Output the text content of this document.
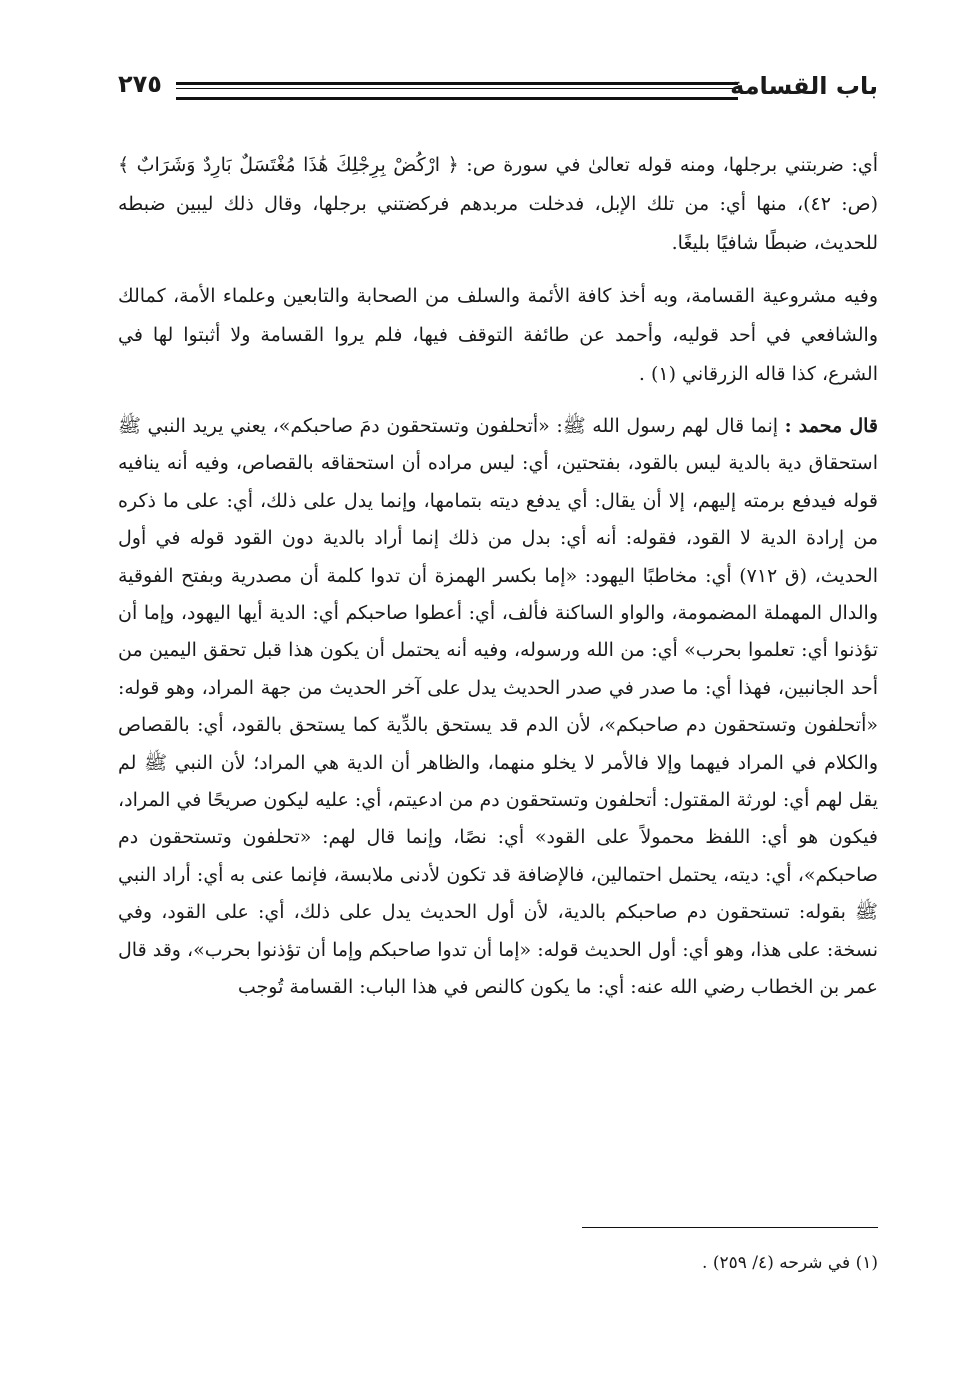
٢٧٥	باب القسامة

أي: ضربتني برجلها، ومنه قوله تعالىٰ في سورة ص: ﴿ ارْكُضْ بِرِجْلِكَ هَٰذَا مُغْتَسَلٌ بَارِدٌ وَشَرَابٌ ﴾ (ص: ٤٢)، منها أي: من تلك الإبل، فدخلت مربدهم فركضتني برجلها، وقال ذلك ليبين ضبطه للحديث، ضبطًا شافيًا بليغًا.

وفيه مشروعية القسامة، وبه أخذ كافة الأئمة والسلف من الصحابة والتابعين وعلماء الأمة، كمالك والشافعي في أحد قوليه، وأحمد عن طائفة التوقف فيها، فلم يروا القسامة ولا أثبتوا لها في الشرع، كذا قاله الزرقاني (١) .

قال محمد : إنما قال لهم رسول الله ﷺ: «أتحلفون وتستحقون دمَ صاحبكم»، يعني يريد النبي ﷺ استحقاق دية بالدية ليس بالقود، بفتحتين، أي: ليس مراده أن استحقاقه بالقصاص، وفيه أنه ينافيه قوله فيدفع برمته إليهم، إلا أن يقال: أي يدفع ديته بتمامها، وإنما يدل على ذلك، أي: على ما ذكره من إرادة الدية لا القود، فقوله: أنه أي: بدل من ذلك إنما أراد بالدية دون القود قوله في أول الحديث، (ق ٧١٢) أي: مخاطبًا اليهود: «إما بكسر الهمزة أن تدوا كلمة أن مصدرية وبفتح الفوقية والدال المهملة المضمومة، والواو الساكنة فألف، أي: أعطوا صاحبكم أي: الدية أيها اليهود، وإما أن تؤذنوا أي: تعلموا بحرب» أي: من الله ورسوله، وفيه أنه يحتمل أن يكون هذا قبل تحقق اليمين من أحد الجانبين، فهذا أي: ما صدر في صدر الحديث يدل على آخر الحديث من جهة المراد، وهو قوله: «أتحلفون وتستحقون دم صاحبكم»، لأن الدم قد يستحق بالدِّية كما يستحق بالقود، أي: بالقصاص والكلام في المراد فيهما وإلا فالأمر لا يخلو منهما، والظاهر أن الدية هي المراد؛ لأن النبي ﷺ لم يقل لهم أي: لورثة المقتول: أتحلفون وتستحقون دم من ادعيتم، أي: عليه ليكون صريحًا في المراد، فيكون هو أي: اللفظ محمولاً على القود» أي: نصًا، وإنما قال لهم: «تحلفون وتستحقون دم صاحبكم»، أي: ديته، يحتمل احتمالين، فالإضافة قد تكون لأدنى ملابسة، فإنما عنى به أي: أراد النبي ﷺ بقوله: تستحقون دم صاحبكم بالدية، لأن أول الحديث يدل على ذلك، أي: على القود، وفي نسخة: على هذا، وهو أي: أول الحديث قوله: «إما أن تدوا صاحبكم وإما أن تؤذنوا بحرب»، وقد قال عمر بن الخطاب رضي الله عنه: أي: ما يكون كالنص في هذا الباب: القسامة تُوجب

(١) في شرحه (٤/ ٢٥٩) .
